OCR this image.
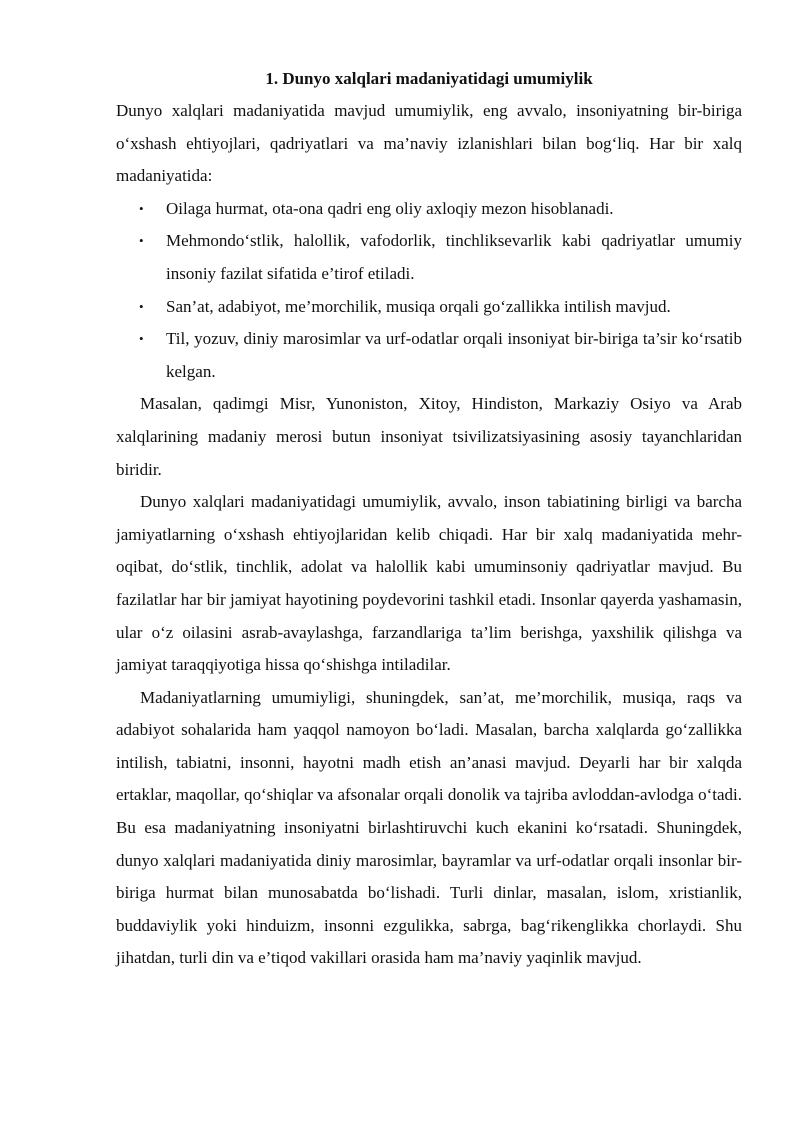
1. Dunyo xalqlari madaniyatidagi umumiylik

Dunyo xalqlari madaniyatida mavjud umumiylik, eng avvalo, insoniyatning bir-biriga o‘xshash ehtiyojlari, qadriyatlari va ma’naviy izlanishlari bilan bog‘liq. Har bir xalq madaniyatida:

• Oilaga hurmat, ota-ona qadri eng oliy axloqiy mezon hisoblanadi.
• Mehmondo‘stlik, halollik, vafodorlik, tinchliksevarlik kabi qadriyatlar umumiy insoniy fazilat sifatida e’tirof etiladi.
• San’at, adabiyot, me’morchilik, musiqa orqali go‘zallikka intilish mavjud.
• Til, yozuv, diniy marosimlar va urf-odatlar orqali insoniyat bir-biriga ta’sir ko‘rsatib kelgan.

Masalan, qadimgi Misr, Yunoniston, Xitoy, Hindiston, Markaziy Osiyo va Arab xalqlarining madaniy merosi butun insoniyat tsivilizatsiyasining asosiy tayanchlaridan biridir.

Dunyo xalqlari madaniyatidagi umumiylik, avvalo, inson tabiatining birligi va barcha jamiyatlarning o‘xshash ehtiyojlaridan kelib chiqadi. Har bir xalq madaniyatida mehr-oqibat, do‘stlik, tinchlik, adolat va halollik kabi umuminsoniy qadriyatlar mavjud. Bu fazilatlar har bir jamiyat hayotining poydevorini tashkil etadi. Insonlar qayerda yashamasin, ular o‘z oilasini asrab-avaylashga, farzandlariga ta’lim berishga, yaxshilik qilishga va jamiyat taraqqiyotiga hissa qo‘shishga intiladilar.

Madaniyatlarning umumiyligi, shuningdek, san’at, me’morchilik, musiqa, raqs va adabiyot sohalarida ham yaqqol namoyon bo‘ladi. Masalan, barcha xalqlarda go‘zallikka intilish, tabiatni, insonni, hayotni madh etish an’anasi mavjud. Deyarli har bir xalqda ertaklar, maqollar, qo‘shiqlar va afsonalar orqali donolik va tajriba avloddan-avlodga o‘tadi. Bu esa madaniyatning insoniyatni birlashtiruvchi kuch ekanini ko‘rsatadi. Shuningdek, dunyo xalqlari madaniyatida diniy marosimlar, bayramlar va urf-odatlar orqali insonlar bir-biriga hurmat bilan munosabatda bo‘lishadi. Turli dinlar, masalan, islom, xristianlik, buddaviylik yoki hinduizm, insonni ezgulikka, sabrga, bag‘rikenglikka chorlaydi. Shu jihatdan, turli din va e’tiqod vakillari orasida ham ma’naviy yaqinlik mavjud.
